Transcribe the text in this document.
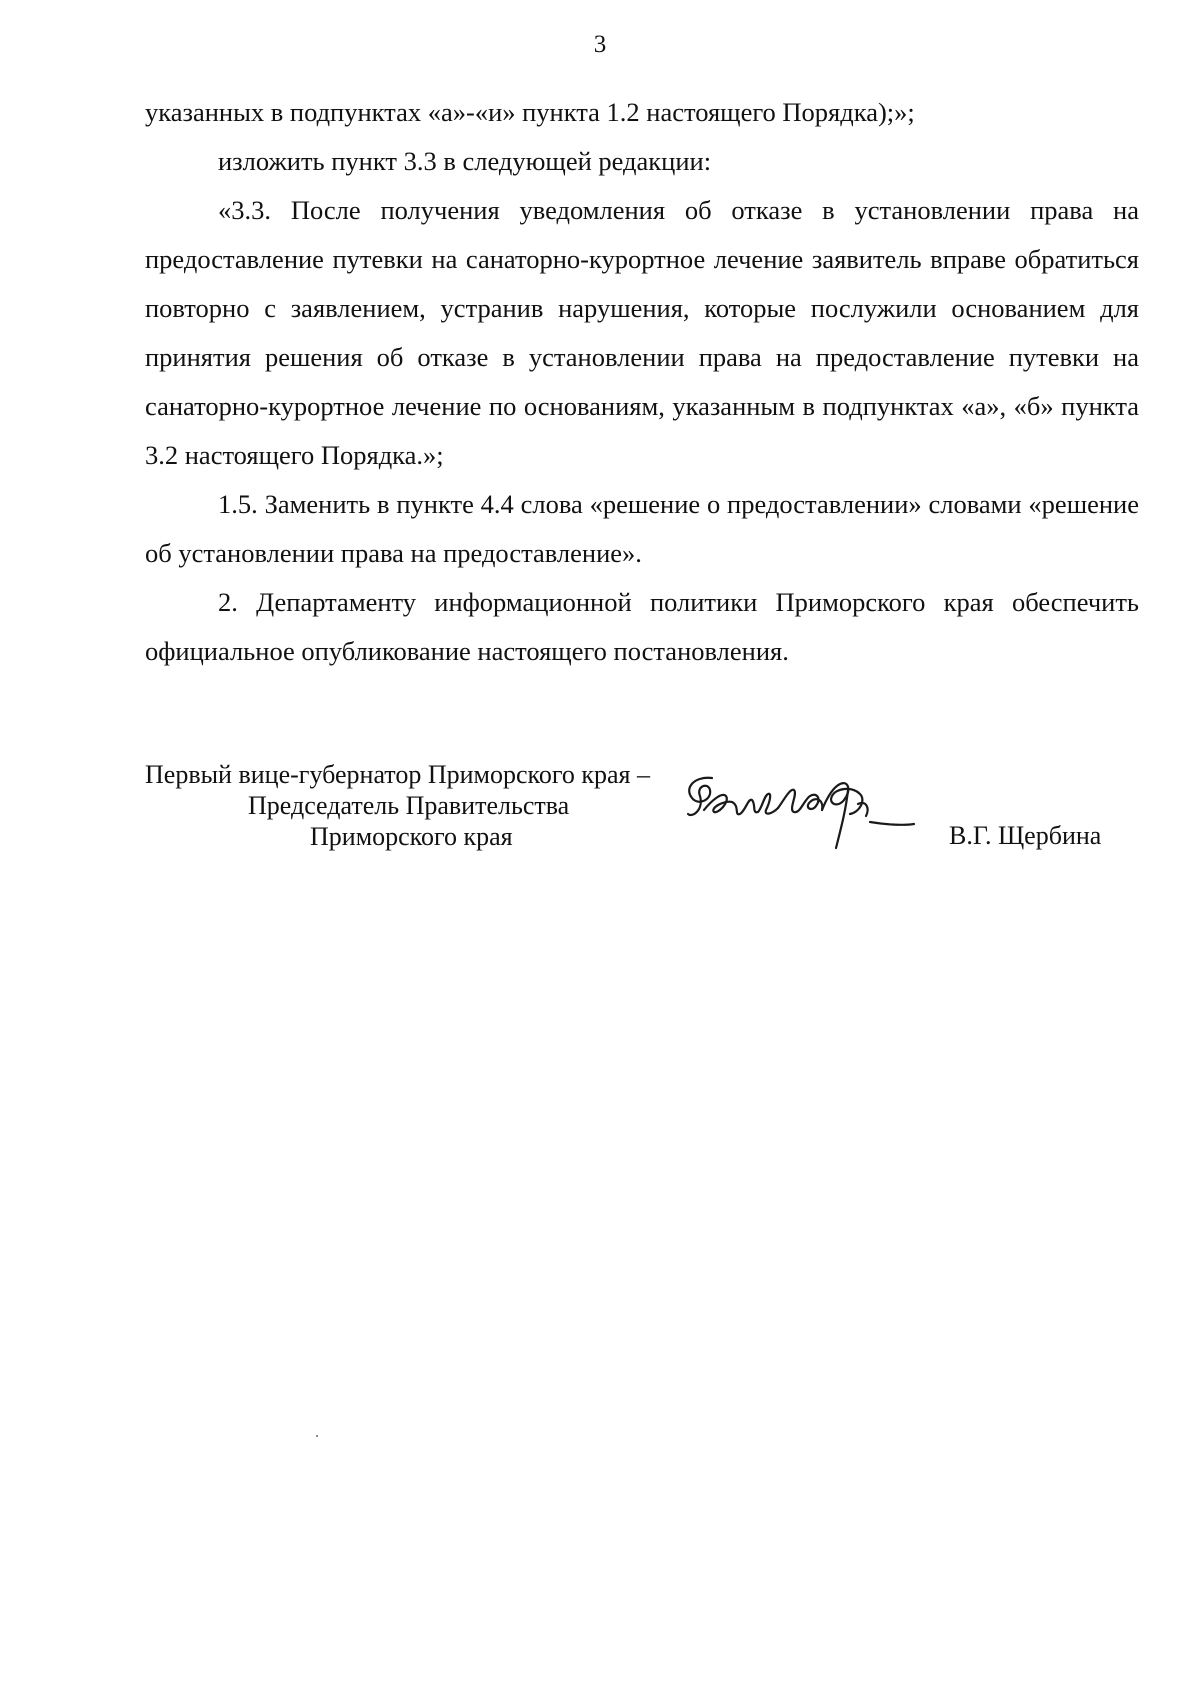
3

указанных в подпунктах «а»-«и» пункта 1.2 настоящего Порядка);»;

изложить пункт 3.3 в следующей редакции:

«3.3. После получения уведомления об отказе в установлении права на предоставление путевки на санаторно-курортное лечение заявитель вправе обратиться повторно с заявлением, устранив нарушения, которые послужили основанием для принятия решения об отказе в установлении права на предоставление путевки на санаторно-курортное лечение по основаниям, указанным в подпунктах «а», «б» пункта 3.2 настоящего Порядка.»;

1.5. Заменить в пункте 4.4 слова «решение о предоставлении» словами «решение об установлении права на предоставление».

2. Департаменту информационной политики Приморского края обеспечить официальное опубликование настоящего постановления.

Первый вице-губернатор Приморского края –
Председатель Правительства
Приморского края	В.Г. Щербина
